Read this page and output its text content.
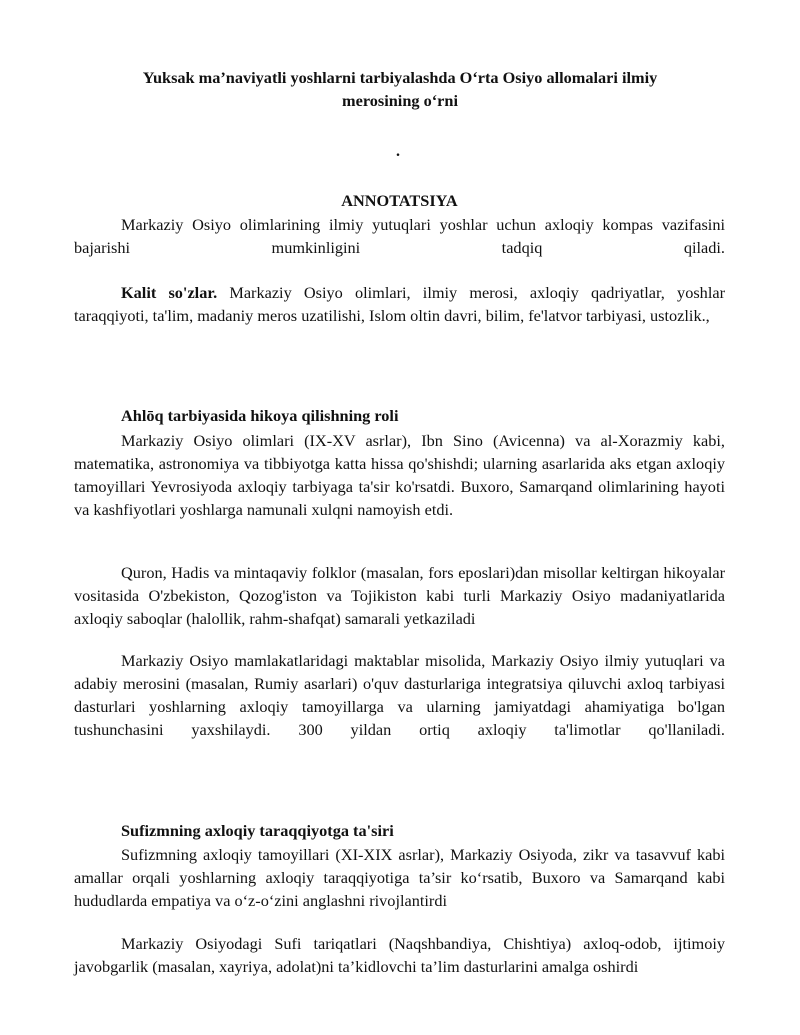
Yuksak ma’naviyatli yoshlarni tarbiyalashda O‘rta Osiyo allomalari ilmiy
merosining o‘rni
.
ANNOTATSIYA

Markaziy Osiyo olimlarining ilmiy yutuqlari yoshlar uchun axloqiy kompas vazifasini bajarishi mumkinligini tadqiq qiladi.

Kalit so'zlar. Markaziy Osiyo olimlari, ilmiy merosi, axloqiy qadriyatlar, yoshlar taraqqiyoti, ta'lim, madaniy meros uzatilishi, Islom oltin davri, bilim, fe'latvor tarbiyasi, ustozlik.,

Ahlōq tarbiyasida hikoya qilishning roli

Markaziy Osiyo olimlari (IX-XV asrlar), Ibn Sino (Avicenna) va al-Xorazmiy kabi, matematika, astronomiya va tibbiyotga katta hissa qo'shishdi; ularning asarlarida aks etgan axloqiy tamoyillari Yevrosiyoda axloqiy tarbiyaga ta'sir ko'rsatdi. Buxoro, Samarqand olimlarining hayoti va kashfiyotlari yoshlarga namunali xulqni namoyish etdi.

Quron, Hadis va mintaqaviy folklor (masalan, fors eposlari)dan misollar keltirgan hikoyalar vositasida O'zbekiston, Qozog'iston va Tojikiston kabi turli Markaziy Osiyo madaniyatlarida axloqiy saboqlar (halollik, rahm-shafqat) samarali yetkaziladi

Markaziy Osiyo mamlakatlaridagi maktablar misolida, Markaziy Osiyo ilmiy yutuqlari va adabiy merosini (masalan, Rumiy asarlari) o'quv dasturlariga integratsiya qiluvchi axloq tarbiyasi dasturlari yoshlarning axloqiy tamoyillarga va ularning jamiyatdagi ahamiyatiga bo'lgan tushunchasini yaxshilaydi. 300 yildan ortiq axloqiy ta'limotlar qo'llaniladi.

Sufizmning axloqiy taraqqiyotga ta'siri

Sufizmning axloqiy tamoyillari (XI-XIX asrlar), Markaziy Osiyoda, zikr va tasavvuf kabi amallar orqali yoshlarning axloqiy taraqqiyotiga ta’sir ko‘rsatib, Buxoro va Samarqand kabi hududlarda empatiya va o‘z-o‘zini anglashni rivojlantirdi

Markaziy Osiyodagi Sufi tariqatlari (Naqshbandiya, Chishtiya) axloq-odob, ijtimoiy javobgarlik (masalan, xayriya, adolat)ni ta’kidlovchi ta’lim dasturlarini amalga oshirdi
